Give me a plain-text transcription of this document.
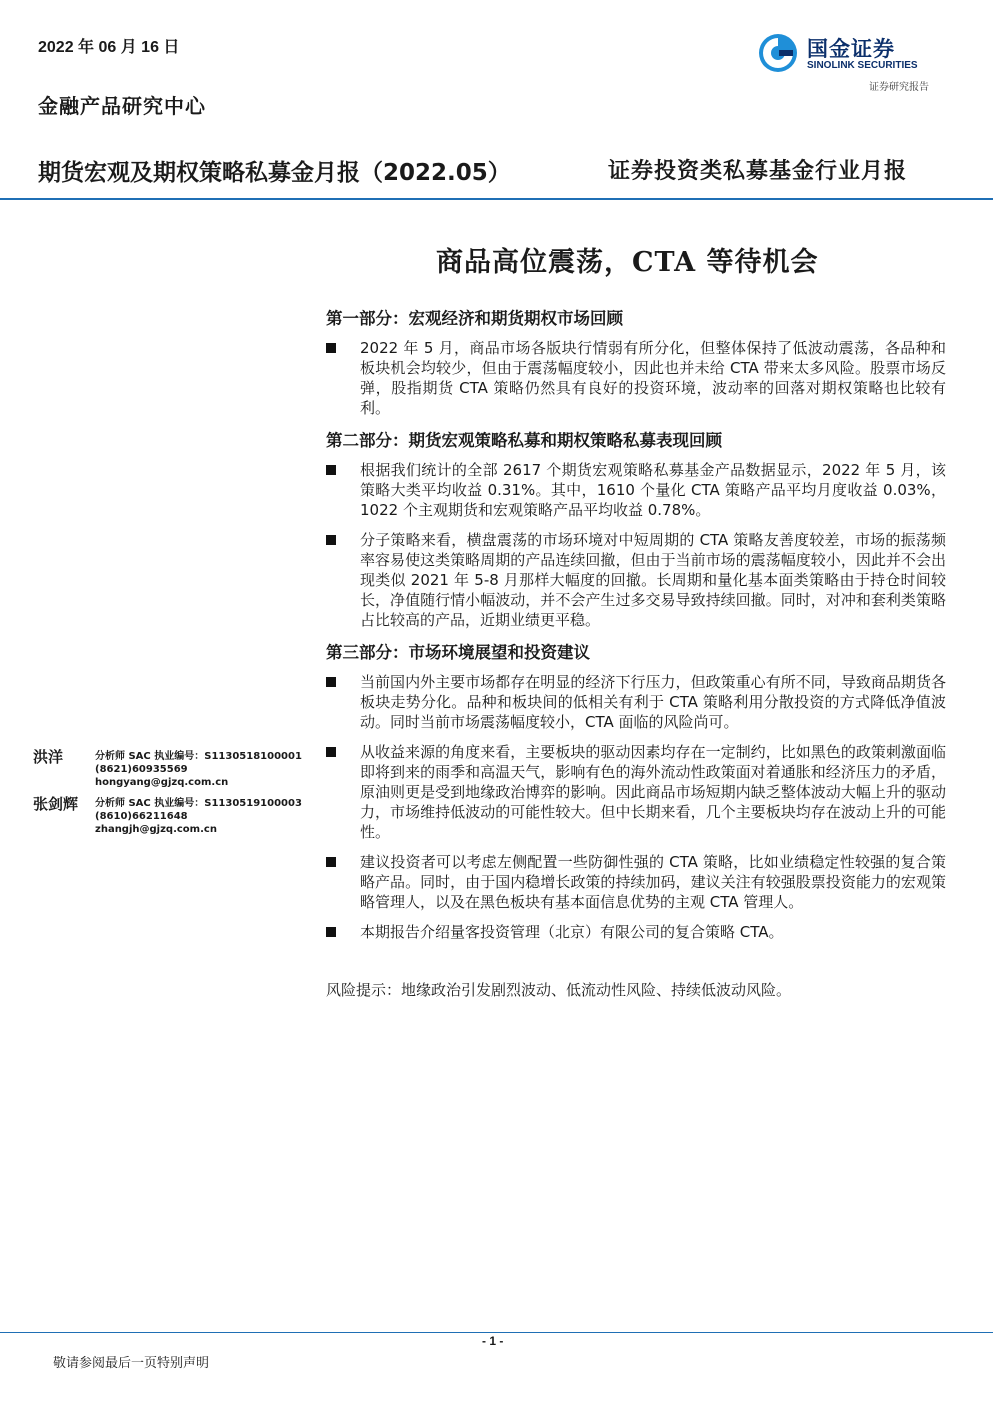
2022 年 06 月 16 日
金融产品研究中心
国金证券
SINOLINK SECURITIES
证券研究报告
期货宏观及期权策略私募金月报（2022.05）	证券投资类私募基金行业月报
商品高位震荡，CTA 等待机会
第一部分：宏观经济和期货期权市场回顾
2022 年 5 月，商品市场各版块行情弱有所分化，但整体保持了低波动震荡，各品种和板块机会均较少，但由于震荡幅度较小，因此也并未给 CTA 带来太多风险。股票市场反弹，股指期货 CTA 策略仍然具有良好的投资环境，波动率的回落对期权策略也比较有利。
第二部分：期货宏观策略私募和期权策略私募表现回顾
根据我们统计的全部 2617 个期货宏观策略私募基金产品数据显示，2022 年 5 月，该策略大类平均收益 0.31%。其中，1610 个量化 CTA 策略产品平均月度收益 0.03%，1022 个主观期货和宏观策略产品平均收益 0.78%。
分子策略来看，横盘震荡的市场环境对中短周期的 CTA 策略友善度较差，市场的振荡频率容易使这类策略周期的产品连续回撤，但由于当前市场的震荡幅度较小，因此并不会出现类似 2021 年 5-8 月那样大幅度的回撤。长周期和量化基本面类策略由于持仓时间较长，净值随行情小幅波动，并不会产生过多交易导致持续回撤。同时，对冲和套利类策略占比较高的产品，近期业绩更平稳。
第三部分：市场环境展望和投资建议
当前国内外主要市场都存在明显的经济下行压力，但政策重心有所不同，导致商品期货各板块走势分化。品种和板块间的低相关有利于 CTA 策略利用分散投资的方式降低净值波动。同时当前市场震荡幅度较小，CTA 面临的风险尚可。
从收益来源的角度来看，主要板块的驱动因素均存在一定制约，比如黑色的政策刺激面临即将到来的雨季和高温天气，影响有色的海外流动性政策面对着通胀和经济压力的矛盾，原油则更是受到地缘政治博弈的影响。因此商品市场短期内缺乏整体波动大幅上升的驱动力，市场维持低波动的可能性较大。但中长期来看，几个主要板块均存在波动上升的可能性。
建议投资者可以考虑左侧配置一些防御性强的 CTA 策略，比如业绩稳定性较强的复合策略产品。同时，由于国内稳增长政策的持续加码，建议关注有较强股票投资能力的宏观策略管理人，以及在黑色板块有基本面信息优势的主观 CTA 管理人。
本期报告介绍量客投资管理（北京）有限公司的复合策略 CTA。
风险提示：地缘政治引发剧烈波动、低流动性风险、持续低波动风险。
洪洋	分析师 SAC 执业编号：S1130518100001
(8621)60935569
hongyang@gjzq.com.cn
张剑辉 分析师 SAC 执业编号：S1130519100003
(8610)66211648
zhangjh@gjzq.com.cn
- 1 -
敬请参阅最后一页特别声明
